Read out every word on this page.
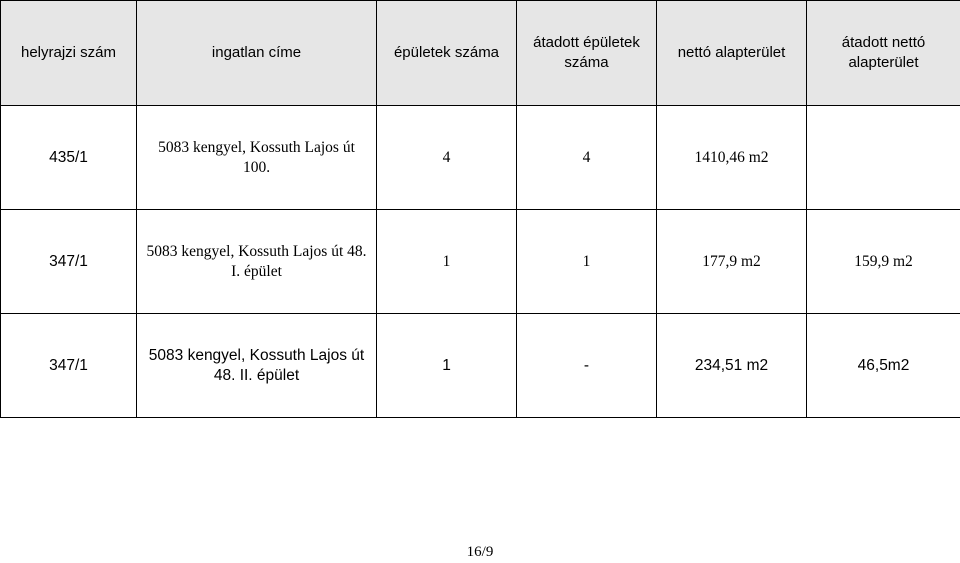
helyrajzi szám	ingatlan címe	épületek száma	átadott épületek száma	nettó alapterület	átadott nettó alapterület
435/1	5083 kengyel, Kossuth Lajos út 100.	4	4	1410,46 m2	
347/1	5083 kengyel, Kossuth Lajos út 48. I. épület	1	1	177,9 m2	159,9 m2
347/1	5083 kengyel, Kossuth Lajos út 48. II. épület	1	-	234,51 m2	46,5m2
16/9
